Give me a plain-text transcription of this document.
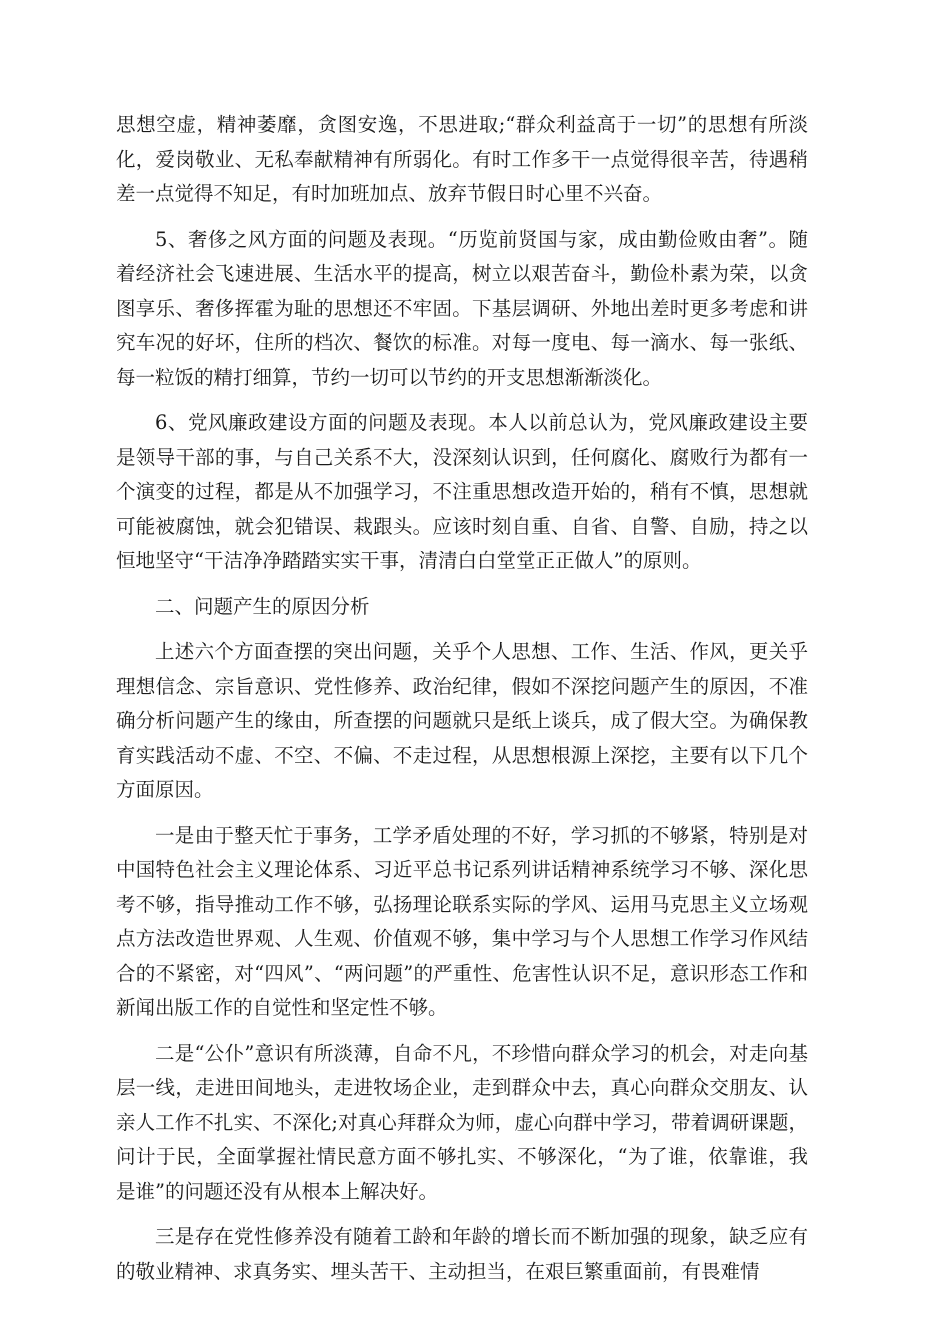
思想空虚，精神萎靡，贪图安逸，不思进取;“群众利益高于一切”的思想有所淡化，爱岗敬业、无私奉献精神有所弱化。有时工作多干一点觉得很辛苦，待遇稍差一点觉得不知足，有时加班加点、放弃节假日时心里不兴奋。

5、奢侈之风方面的问题及表现。“历览前贤国与家，成由勤俭败由奢”。随着经济社会飞速进展、生活水平的提高，树立以艰苦奋斗，勤俭朴素为荣，以贪图享乐、奢侈挥霍为耻的思想还不牢固。下基层调研、外地出差时更多考虑和讲究车况的好坏，住所的档次、餐饮的标准。对每一度电、每一滴水、每一张纸、每一粒饭的精打细算，节约一切可以节约的开支思想渐渐淡化。

6、党风廉政建设方面的问题及表现。本人以前总认为，党风廉政建设主要是领导干部的事，与自己关系不大，没深刻认识到，任何腐化、腐败行为都有一个演变的过程，都是从不加强学习，不注重思想改造开始的，稍有不慎，思想就可能被腐蚀，就会犯错误、栽跟头。应该时刻自重、自省、自警、自励，持之以恒地坚守“干洁净净踏踏实实干事，清清白白堂堂正正做人”的原则。

二、问题产生的原因分析

上述六个方面查摆的突出问题，关乎个人思想、工作、生活、作风，更关乎理想信念、宗旨意识、党性修养、政治纪律，假如不深挖问题产生的原因，不准确分析问题产生的缘由，所查摆的问题就只是纸上谈兵，成了假大空。为确保教育实践活动不虚、不空、不偏、不走过程，从思想根源上深挖，主要有以下几个方面原因。

一是由于整天忙于事务，工学矛盾处理的不好，学习抓的不够紧，特别是对中国特色社会主义理论体系、习近平总书记系列讲话精神系统学习不够、深化思考不够，指导推动工作不够，弘扬理论联系实际的学风、运用马克思主义立场观点方法改造世界观、人生观、价值观不够，集中学习与个人思想工作学习作风结合的不紧密，对“四风”、“两问题”的严重性、危害性认识不足，意识形态工作和新闻出版工作的自觉性和坚定性不够。

二是“公仆”意识有所淡薄，自命不凡，不珍惜向群众学习的机会，对走向基层一线，走进田间地头，走进牧场企业，走到群众中去，真心向群众交朋友、认亲人工作不扎实、不深化;对真心拜群众为师，虚心向群中学习，带着调研课题，问计于民，全面掌握社情民意方面不够扎实、不够深化，“为了谁，依靠谁，我是谁”的问题还没有从根本上解决好。

三是存在党性修养没有随着工龄和年龄的增长而不断加强的现象，缺乏应有的敬业精神、求真务实、埋头苦干、主动担当，在艰巨繁重面前，有畏难情
